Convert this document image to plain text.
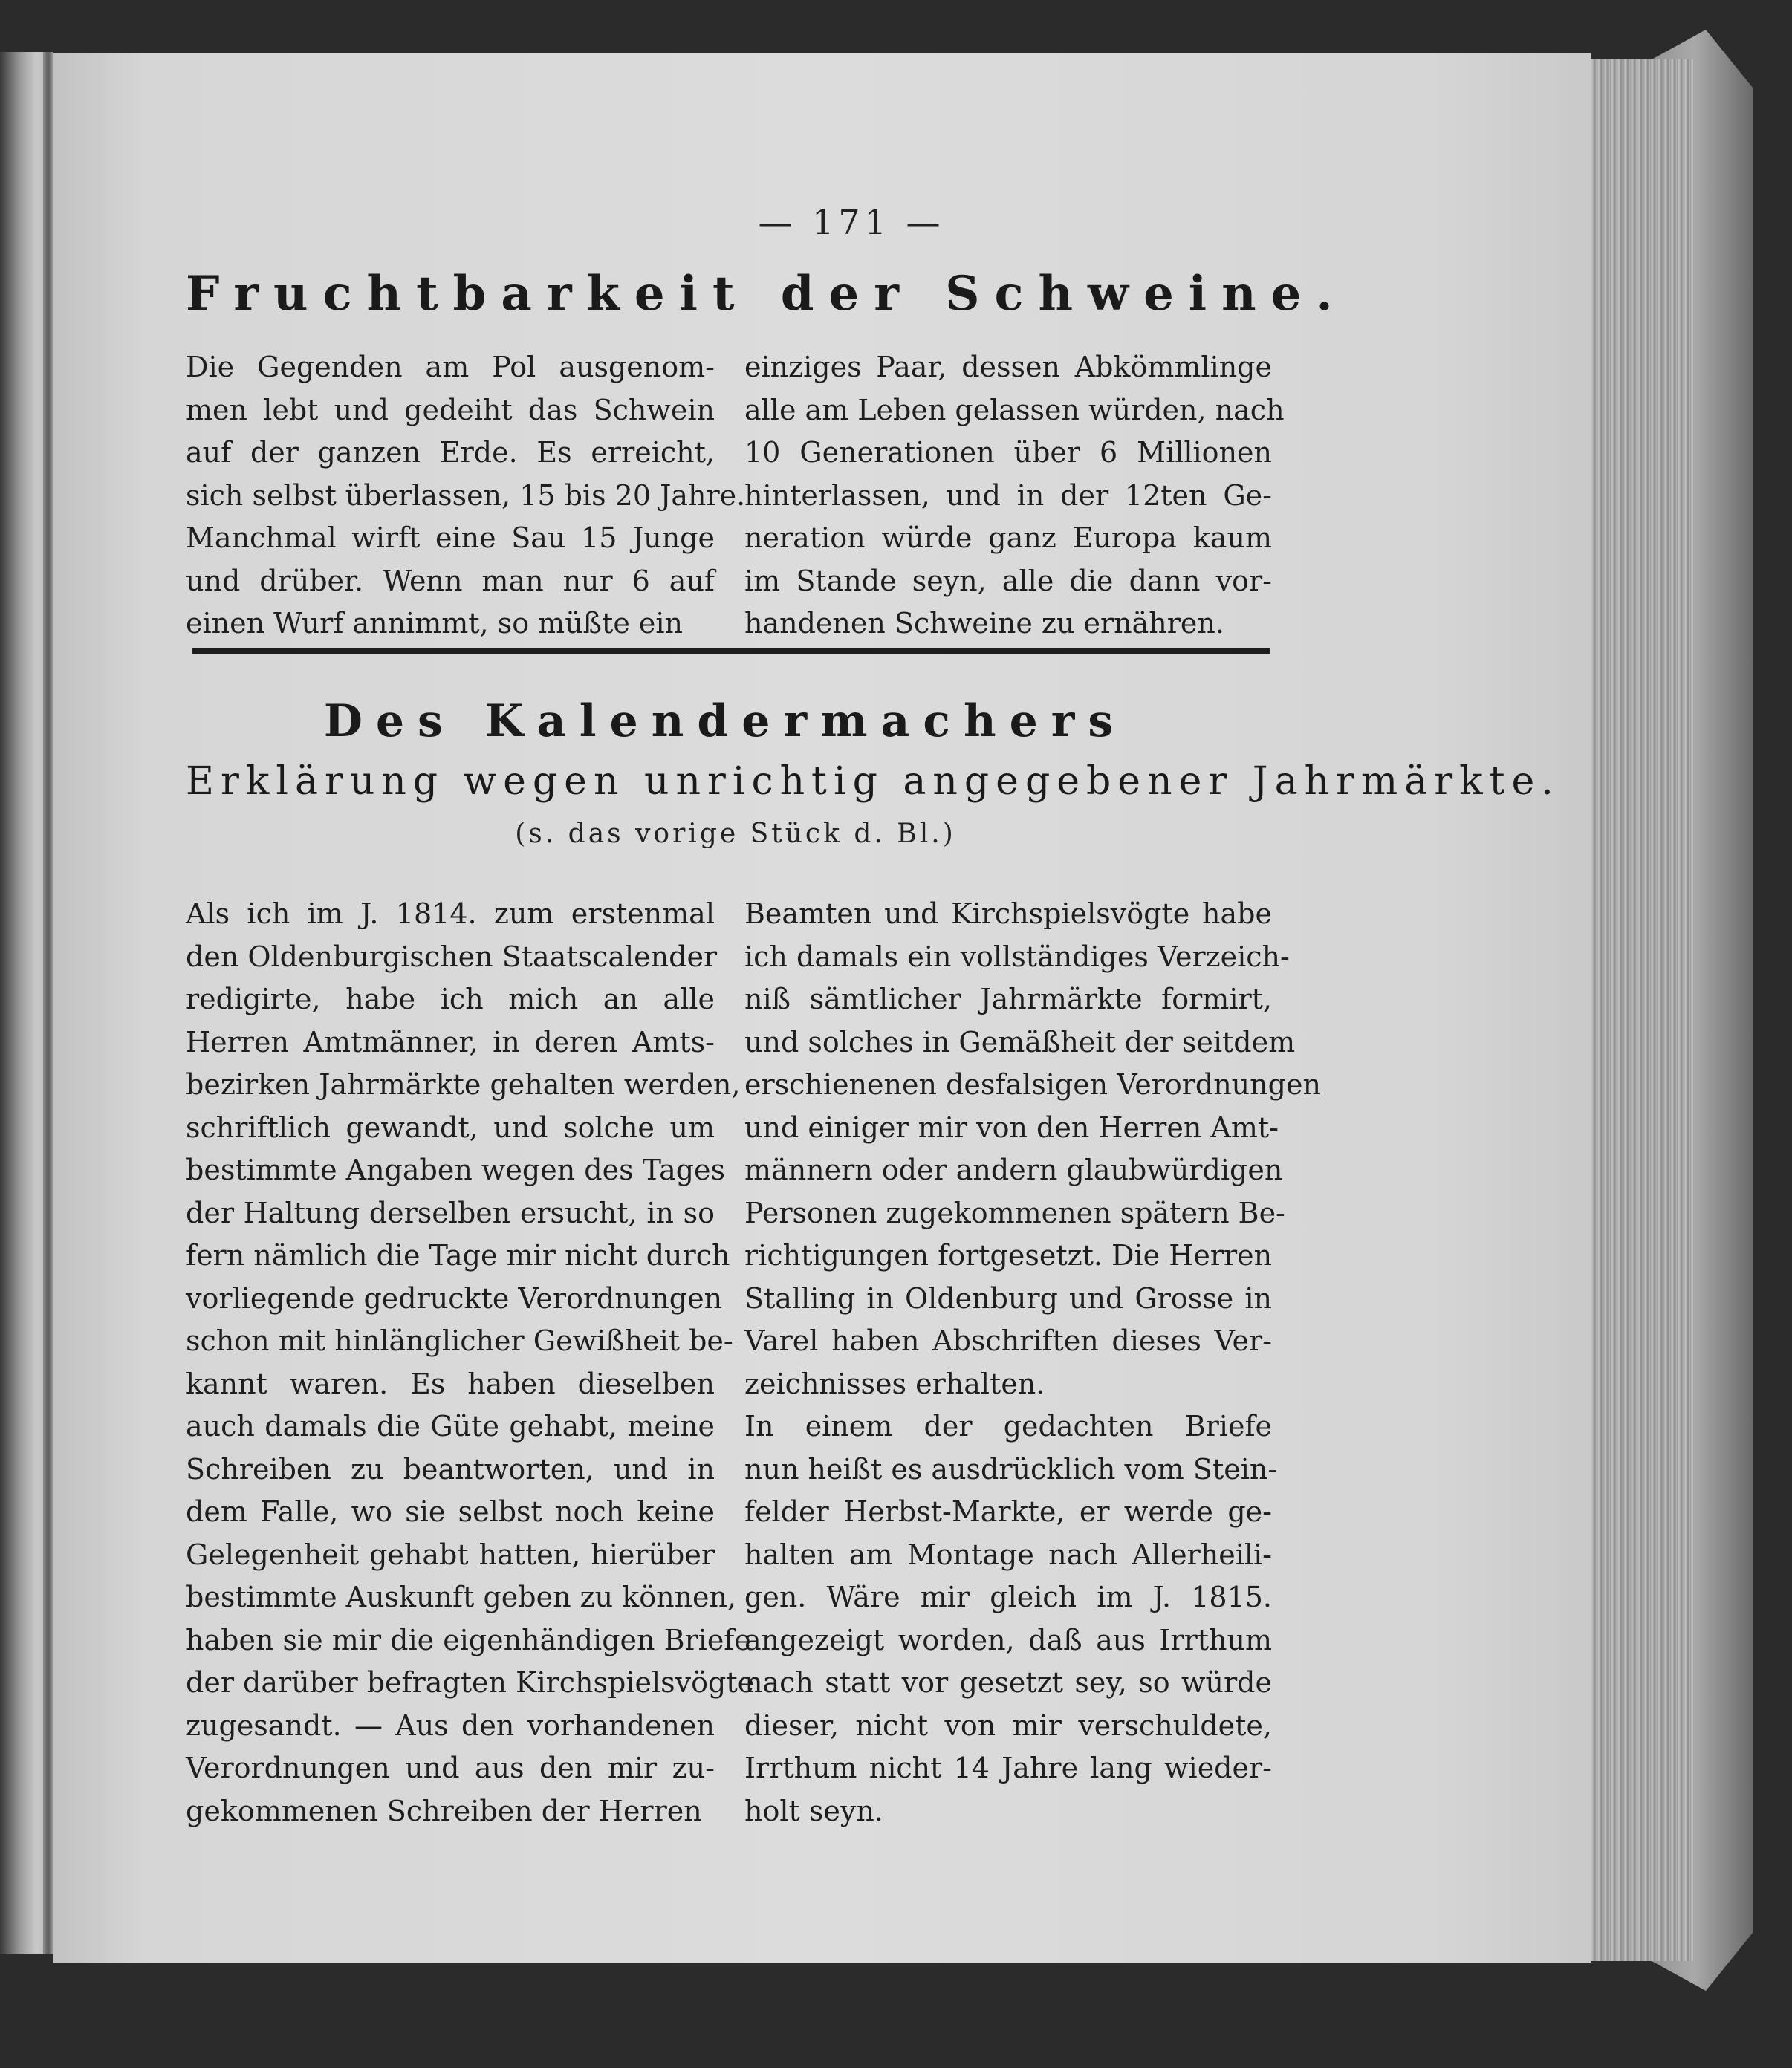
— 171 —
Fruchtbarkeit der Schweine.
Die Gegenden am Pol ausgenom-
men lebt und gedeiht das Schwein
auf der ganzen Erde. Es erreicht,
sich selbst überlassen, 15 bis 20 Jahre.
Manchmal wirft eine Sau 15 Junge
und drüber. Wenn man nur 6 auf
einen Wurf annimmt, so müßte ein
einziges Paar, dessen Abkömmlinge
alle am Leben gelassen würden, nach
10 Generationen über 6 Millionen
hinterlassen, und in der 12ten Ge-
neration würde ganz Europa kaum
im Stande seyn, alle die dann vor-
handenen Schweine zu ernähren.
Des Kalendermachers
Erklärung wegen unrichtig angegebener Jahrmärkte.
(s. das vorige Stück d. Bl.)
Als ich im J. 1814. zum erstenmal
den Oldenburgischen Staatscalender
redigirte, habe ich mich an alle
Herren Amtmänner, in deren Amts-
bezirken Jahrmärkte gehalten werden,
schriftlich gewandt, und solche um
bestimmte Angaben wegen des Tages
der Haltung derselben ersucht, in so
fern nämlich die Tage mir nicht durch
vorliegende gedruckte Verordnungen
schon mit hinlänglicher Gewißheit be-
kannt waren. Es haben dieselben
auch damals die Güte gehabt, meine
Schreiben zu beantworten, und in
dem Falle, wo sie selbst noch keine
Gelegenheit gehabt hatten, hierüber
bestimmte Auskunft geben zu können,
haben sie mir die eigenhändigen Briefe
der darüber befragten Kirchspielsvögte
zugesandt. — Aus den vorhandenen
Verordnungen und aus den mir zu-
gekommenen Schreiben der Herren
Beamten und Kirchspielsvögte habe
ich damals ein vollständiges Verzeich-
niß sämtlicher Jahrmärkte formirt,
und solches in Gemäßheit der seitdem
erschienenen desfalsigen Verordnungen
und einiger mir von den Herren Amt-
männern oder andern glaubwürdigen
Personen zugekommenen spätern Be-
richtigungen fortgesetzt. Die Herren
Stalling in Oldenburg und Grosse in
Varel haben Abschriften dieses Ver-
zeichnisses erhalten.
In einem der gedachten Briefe
nun heißt es ausdrücklich vom Stein-
felder Herbst-Markte, er werde ge-
halten am Montage nach Allerheili-
gen. Wäre mir gleich im J. 1815.
angezeigt worden, daß aus Irrthum
nach statt vor gesetzt sey, so würde
dieser, nicht von mir verschuldete,
Irrthum nicht 14 Jahre lang wieder-
holt seyn.
